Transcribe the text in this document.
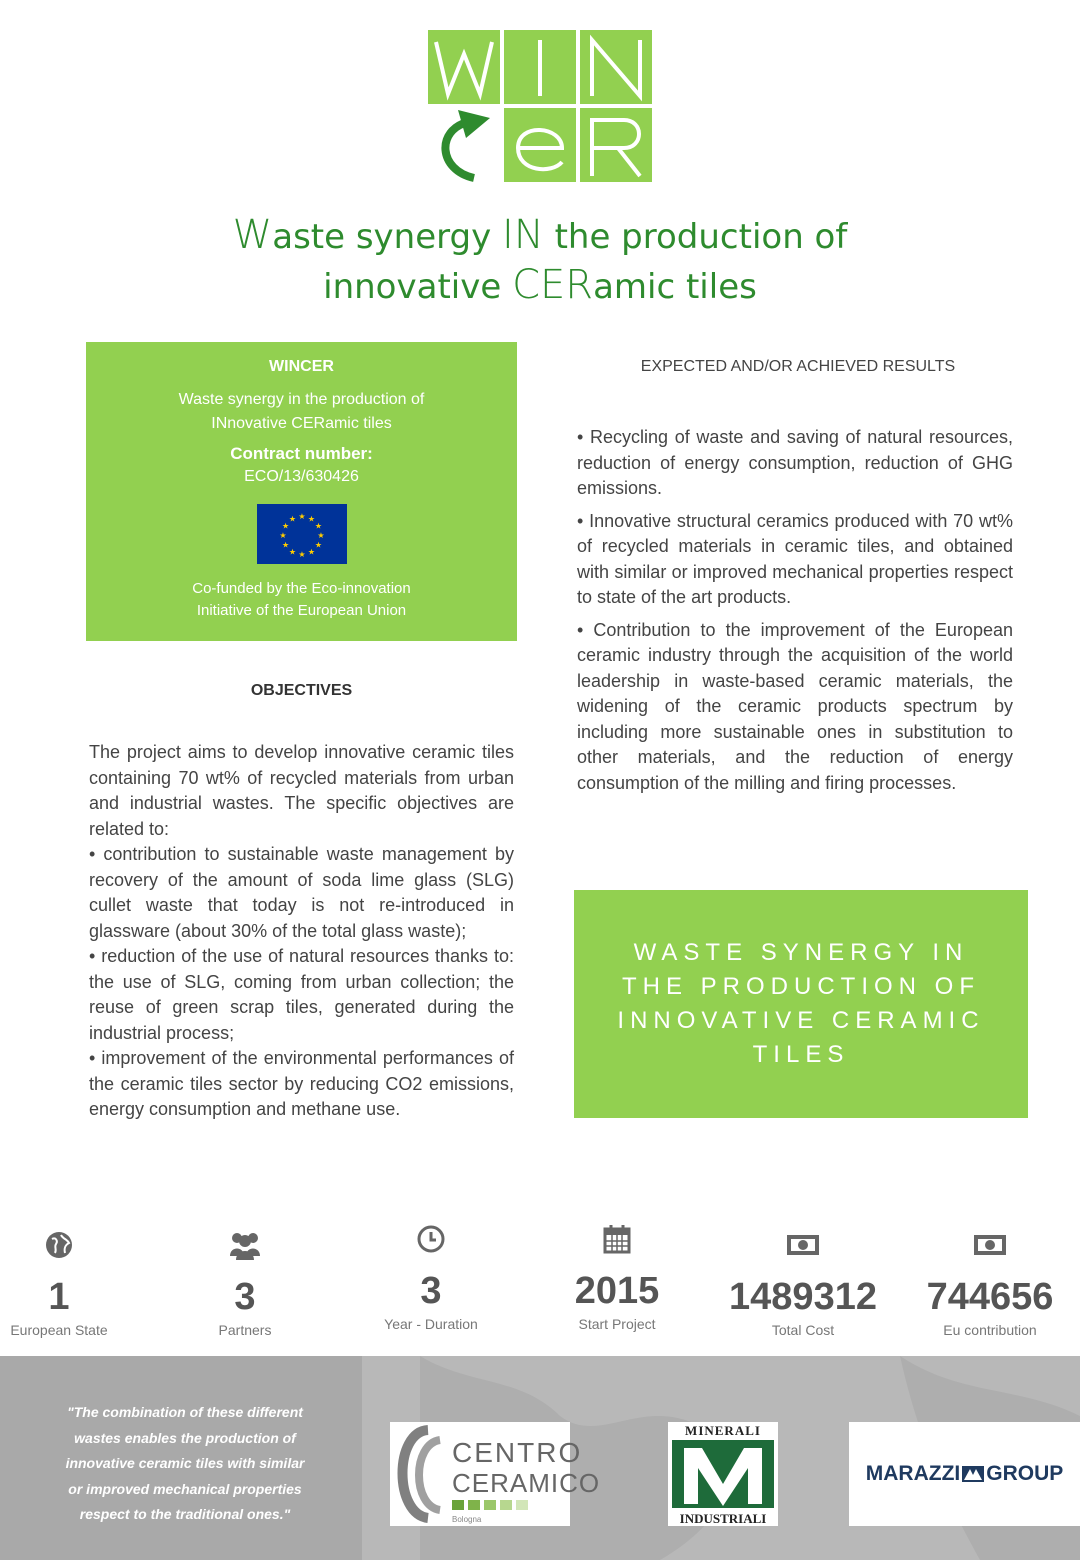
Waste synergy IN the production of
innovative CERamic tiles
WINCER
Waste synergy in the production of
INnovative CERamic tiles
Contract number:
ECO/13/630426
★
★
★
★
★
★
★
★
★ ★ ★
★
Co-funded by the Eco-innovation
Initiative of the European Union
OBJECTIVES

The project aims to develop innovative ceramic tiles containing 70 wt% of recycled materials from urban and industrial wastes. The specific objectives are related to:

• contribution to sustainable waste management by recovery of the amount of soda lime glass (SLG) cullet waste that today is not re-introduced in glassware (about 30% of the total glass waste);

• reduction of the use of natural resources thanks to: the use of SLG, coming from urban collection; the reuse of green scrap tiles, generated during the industrial process;

• improvement of the environmental performances of the ceramic tiles sector by reducing CO2 emissions, energy consumption and methane use.

EXPECTED AND/OR ACHIEVED RESULTS

• Recycling of waste and saving of natural resources, reduction of energy consumption, reduction of GHG emissions.

• Innovative structural ceramics produced with 70 wt% of recycled materials in ceramic tiles, and obtained with similar or improved mechanical properties respect to state of the art products.

• Contribution to the improvement of the European ceramic industry through the acquisition of the world leadership in waste-based ceramic materials, the widening of the ceramic products spectrum by including more sustainable ones in substitution to other materials, and the reduction of energy consumption of the milling and firing processes.

WASTE SYNERGY IN THE PRODUCTION OF INNOVATIVE CERAMIC TILES
1
European State
3
Partners
3
Year - Duration
2015
Start Project
1489312
Total Cost
744656
Eu contribution
"The combination of these different wastes enables the production of innovative ceramic tiles with similar or improved mechanical properties respect to the traditional ones."
CENTRO
CERAMICO
Bologna
MINERALI
INDUSTRIALI
MARAZZI GROUP
